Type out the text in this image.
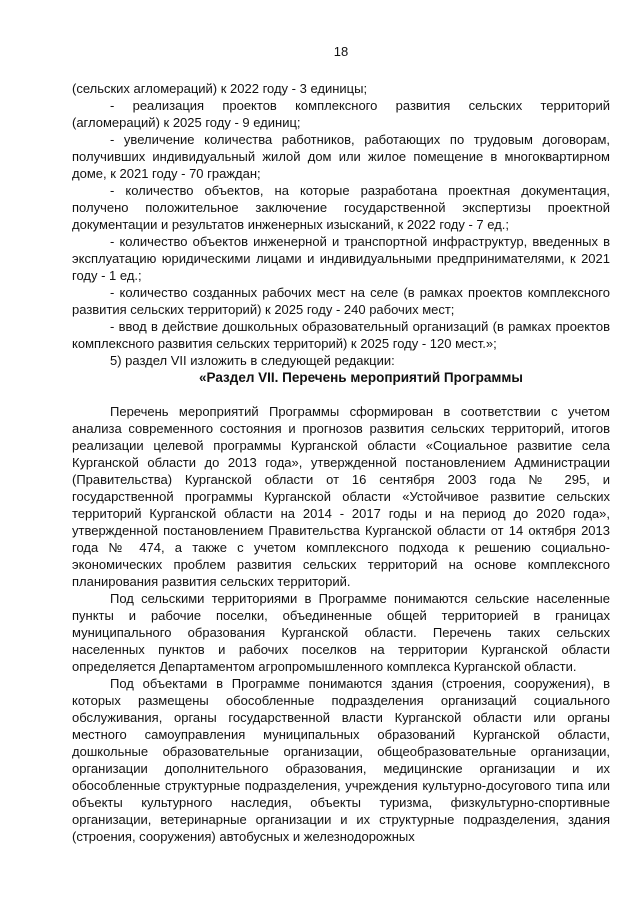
18

(сельских агломераций) к 2022 году - 3 единицы;

- реализация проектов комплексного развития сельских территорий (агломераций) к 2025 году - 9 единиц;

- увеличение количества работников, работающих по трудовым договорам, получивших индивидуальный жилой дом или жилое помещение в многоквартирном доме, к 2021 году - 70 граждан;

- количество объектов, на которые разработана проектная документация, получено положительное заключение государственной экспертизы проектной документации и результатов инженерных изысканий, к 2022 году - 7 ед.;

- количество объектов инженерной и транспортной инфраструктур, введенных в эксплуатацию юридическими лицами и индивидуальными предпринимателями, к 2021 году - 1 ед.;

- количество созданных рабочих мест на селе (в рамках проектов комплексного развития сельских территорий) к 2025 году - 240 рабочих мест;

- ввод в действие дошкольных образовательный организаций (в рамках проектов комплексного развития сельских территорий) к 2025 году - 120 мест.»;

5) раздел VII изложить в следующей редакции:

«Раздел VII. Перечень мероприятий Программы

Перечень мероприятий Программы сформирован в соответствии с учетом анализа современного состояния и прогнозов развития сельских территорий, итогов реализации целевой программы Курганской области «Социальное развитие села Курганской области до 2013 года», утвержденной постановлением Администрации (Правительства) Курганской области от 16 сентября 2003 года № 295, и государственной программы Курганской области «Устойчивое развитие сельских территорий Курганской области на 2014 - 2017 годы и на период до 2020 года», утвержденной постановлением Правительства Курганской области от 14 октября 2013 года № 474, а также с учетом комплексного подхода к решению социально-экономических проблем развития сельских территорий на основе комплексного планирования развития сельских территорий.

Под сельскими территориями в Программе понимаются сельские населенные пункты и рабочие поселки, объединенные общей территорией в границах муниципального образования Курганской области. Перечень таких сельских населенных пунктов и рабочих поселков на территории Курганской области определяется Департаментом агропромышленного комплекса Курганской области.

Под объектами в Программе понимаются здания (строения, сооружения), в которых размещены обособленные подразделения организаций социального обслуживания, органы государственной власти Курганской области или органы местного самоуправления муниципальных образований Курганской области, дошкольные образовательные организации, общеобразовательные организации, организации дополнительного образования, медицинские организации и их обособленные структурные подразделения, учреждения культурно-досугового типа или объекты культурного наследия, объекты туризма, физкультурно-спортивные организации, ветеринарные организации и их структурные подразделения, здания (строения, сооружения) автобусных и железнодорожных
